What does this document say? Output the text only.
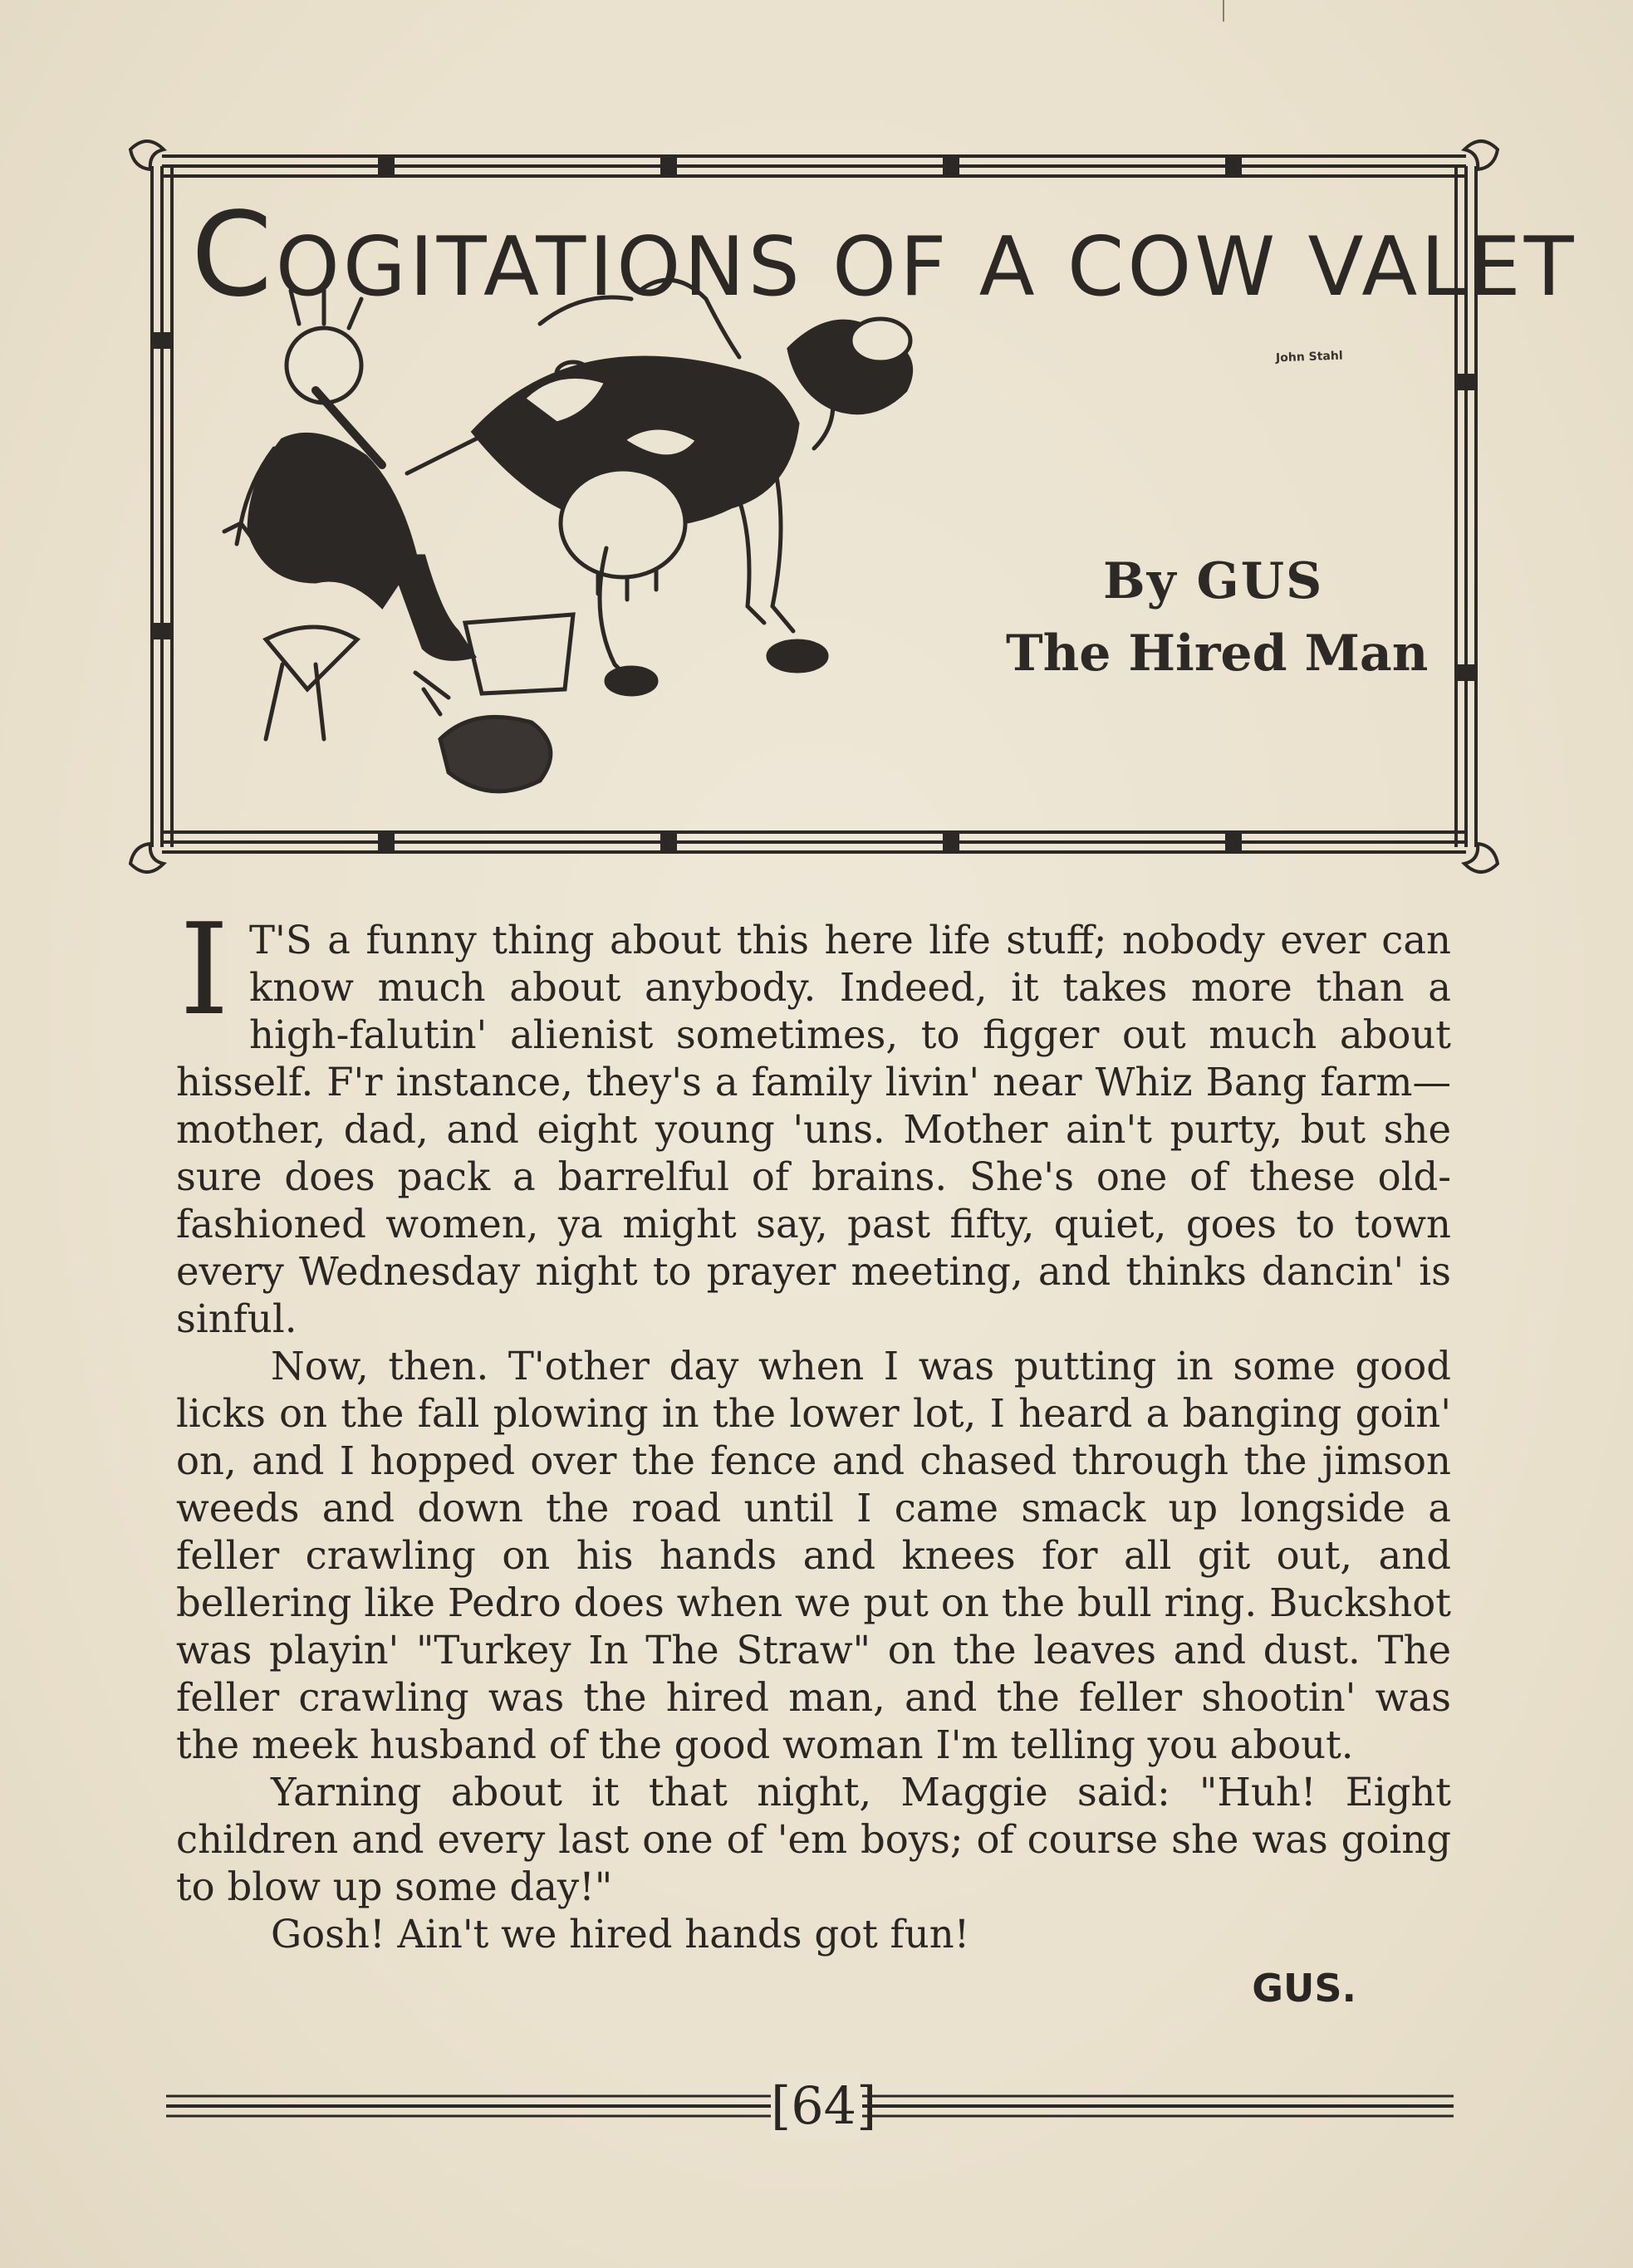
COGITATIONS OF A COW VALET
John Stahl
By GUS
The Hired Man

I T'S a funny thing about this here life stuff; nobody ever can know much about anybody. Indeed, it takes more than a high-falutin' alienist sometimes, to figger out much about hisself. F'r instance, they's a family livin' near Whiz Bang farm—mother, dad, and eight young 'uns. Mother ain't purty, but she sure does pack a barrelful of brains. She's one of these old-fashioned women, ya might say, past fifty, quiet, goes to town every Wednesday night to prayer meeting, and thinks dancin' is sinful.

Now, then. T'other day when I was putting in some good licks on the fall plowing in the lower lot, I heard a banging goin' on, and I hopped over the fence and chased through the jimson weeds and down the road until I came smack up longside a feller crawling on his hands and knees for all git out, and bellering like Pedro does when we put on the bull ring. Buckshot was playin' "Turkey In The Straw" on the leaves and dust. The feller crawling was the hired man, and the feller shootin' was the meek husband of the good woman I'm telling you about.

Yarning about it that night, Maggie said: "Huh! Eight children and every last one of 'em boys; of course she was going to blow up some day!"

Gosh! Ain't we hired hands got fun!

GUS.
[64]
